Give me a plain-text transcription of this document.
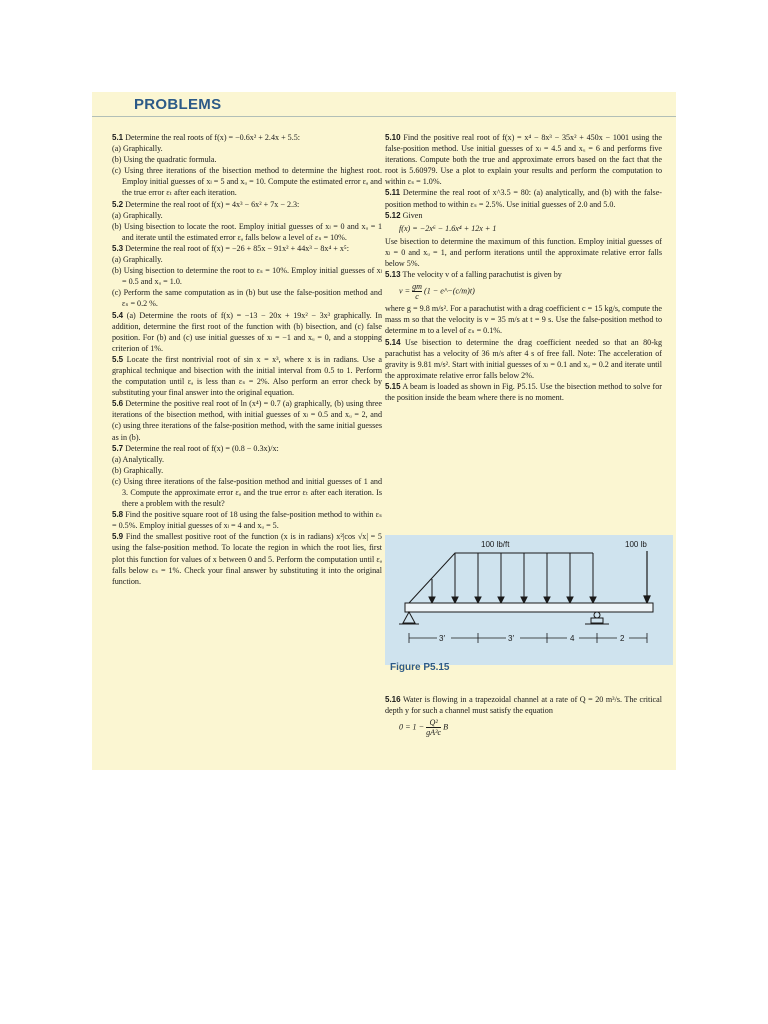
PROBLEMS

5.1 Determine the real roots of f(x) = −0.6x² + 2.4x + 5.5:

(a) Graphically.

(b) Using the quadratic formula.

(c) Using three iterations of the bisection method to determine the highest root. Employ initial guesses of xₗ = 5 and xᵤ = 10. Compute the estimated error εₐ and the true error εₜ after each iteration.

5.2 Determine the real root of f(x) = 4x³ − 6x² + 7x − 2.3:

(a) Graphically.

(b) Using bisection to locate the root. Employ initial guesses of xₗ = 0 and xᵤ = 1 and iterate until the estimated error εₐ falls below a level of εₛ = 10%.

5.3 Determine the real root of f(x) = −26 + 85x − 91x² + 44x³ − 8x⁴ + x⁵:

(a) Graphically.

(b) Using bisection to determine the root to εₛ = 10%. Employ initial guesses of xₗ = 0.5 and xᵤ = 1.0.

(c) Perform the same computation as in (b) but use the false-position method and εₛ = 0.2 %.

5.4 (a) Determine the roots of f(x) = −13 − 20x + 19x² − 3x³ graphically. In addition, determine the first root of the function with (b) bisection, and (c) false position. For (b) and (c) use initial guesses of xₗ = −1 and xᵤ = 0, and a stopping criterion of 1%.

5.5 Locate the first nontrivial root of sin x = x³, where x is in radians. Use a graphical technique and bisection with the initial interval from 0.5 to 1. Perform the computation until εₐ is less than εₛ = 2%. Also perform an error check by substituting your final answer into the original equation.

5.6 Determine the positive real root of ln (x⁴) = 0.7 (a) graphically, (b) using three iterations of the bisection method, with initial guesses of xₗ = 0.5 and xᵤ = 2, and (c) using three iterations of the false-position method, with the same initial guesses as in (b).

5.7 Determine the real root of f(x) = (0.8 − 0.3x)/x:

(a) Analytically.

(b) Graphically.

(c) Using three iterations of the false-position method and initial guesses of 1 and 3. Compute the approximate error εₐ and the true error εₜ after each iteration. Is there a problem with the result?

5.8 Find the positive square root of 18 using the false-position method to within εₛ = 0.5%. Employ initial guesses of xₗ = 4 and xᵤ = 5.

5.9 Find the smallest positive root of the function (x is in radians) x²|cos √x| = 5 using the false-position method. To locate the region in which the root lies, first plot this function for values of x between 0 and 5. Perform the computation until εₐ falls below εₛ = 1%. Check your final answer by substituting it into the original function.

5.10 Find the positive real root of f(x) = x⁴ − 8x³ − 35x² + 450x − 1001 using the false-position method. Use initial guesses of xₗ = 4.5 and xᵤ = 6 and performs five iterations. Compute both the true and approximate errors based on the fact that the root is 5.60979. Use a plot to explain your results and perform the computation to within εₛ = 1.0%.

5.11 Determine the real root of x^3.5 = 80: (a) analytically, and (b) with the false-position method to within εₛ = 2.5%. Use initial guesses of 2.0 and 5.0.

5.12 Given

f(x) = −2x⁶ − 1.6x⁴ + 12x + 1

Use bisection to determine the maximum of this function. Employ initial guesses of xₗ = 0 and xᵤ = 1, and perform iterations until the approximate relative error falls below 5%.

5.13 The velocity v of a falling parachutist is given by

$v = \frac{gm}{c} (1$ − e^−(c/m)t)

where g = 9.8 m/s². For a parachutist with a drag coefficient c = 15 kg/s, compute the mass m so that the velocity is v = 35 m/s at t = 9 s. Use the false-position method to determine m to a level of εₛ = 0.1%.

5.14 Use bisection to determine the drag coefficient needed so that an 80-kg parachutist has a velocity of 36 m/s after 4 s of free fall. Note: The acceleration of gravity is 9.81 m/s². Start with initial guesses of xₗ = 0.1 and xᵤ = 0.2 and iterate until the approximate relative error falls below 2%.

5.15 A beam is loaded as shown in Fig. P5.15. Use the bisection method to solve for the position inside the beam where there is no moment.

100 lb/ft	100 lb
3′	3′	4	2
Figure P5.15

5.16 Water is flowing in a trapezoidal channel at a rate of Q = 20 m³/s. The critical depth y for such a channel must satisfy the equation

$0 = 1 - \frac{\text{Q²}}{\text{gA³c}}$ B
